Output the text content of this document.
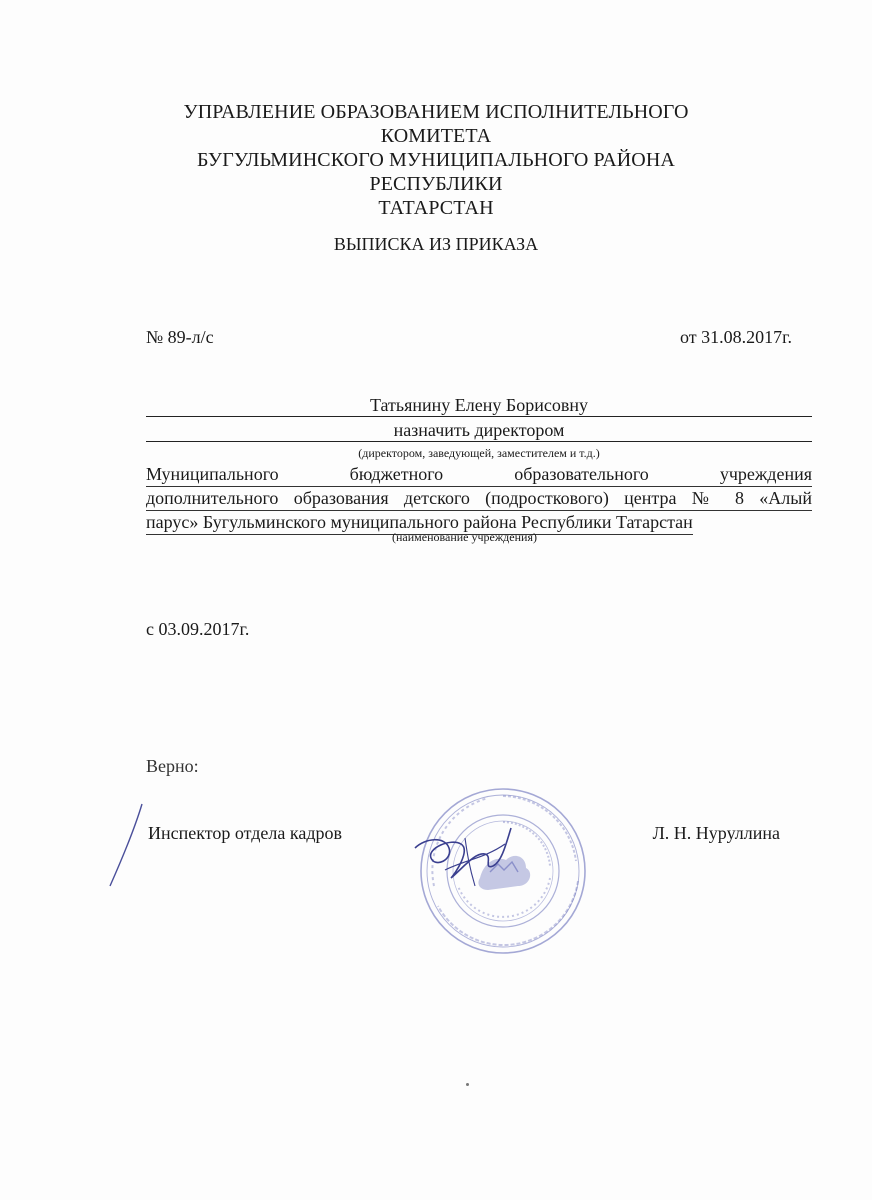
УПРАВЛЕНИЕ ОБРАЗОВАНИЕМ ИСПОЛНИТЕЛЬНОГО КОМИТЕТА
БУГУЛЬМИНСКОГО МУНИЦИПАЛЬНОГО РАЙОНА РЕСПУБЛИКИ
ТАТАРСТАН
ВЫПИСКА ИЗ ПРИКАЗА
№ 89-л/с	от 31.08.2017г.
Татьянину Елену Борисовну
назначить директором
(директором, заведующей, заместителем и т.д.)
Муниципального бюджетного образовательного учреждения
дополнительного образования детского (подросткового) центра № 8 «Алый
парус» Бугульминского муниципального района Республики Татарстан
(наименование учреждения)
с 03.09.2017г.
Верно:
Инспектор отдела кадров	Л. Н. Нуруллина
